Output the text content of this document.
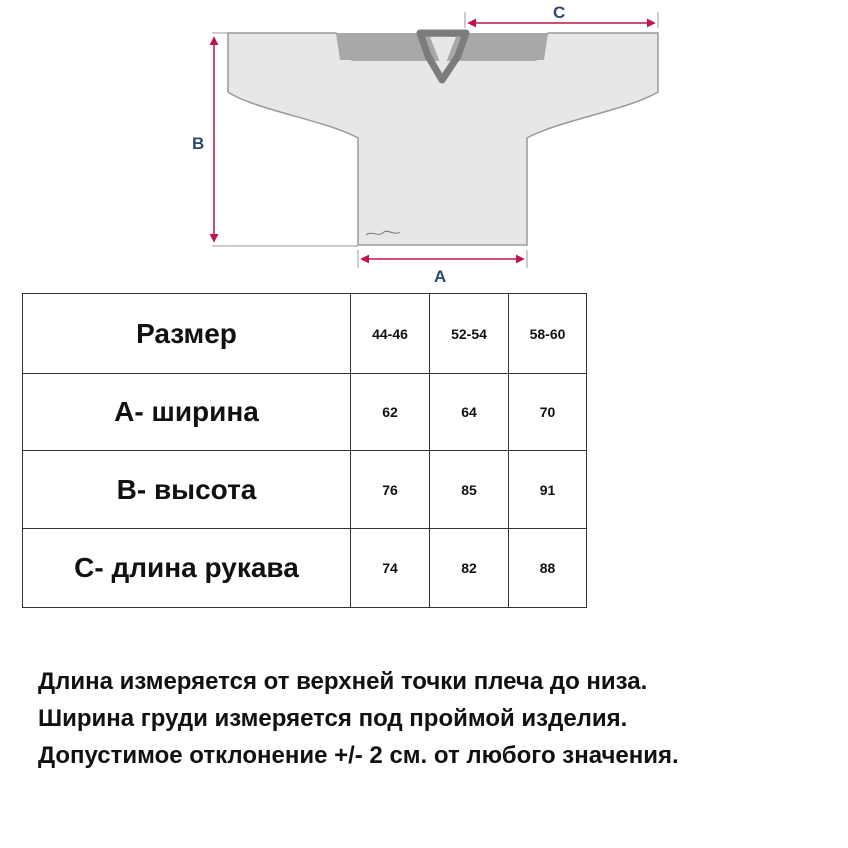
B
C
A
Размер	44-46	52-54	58-60
А- ширина	62	64	70
В- высота	76	85	91
С- длина рукава	74	82	88
Длина измеряется от верхней точки плеча до низа.
Ширина груди измеряется под проймой изделия.
Допустимое отклонение +/- 2 см. от любого значения.
